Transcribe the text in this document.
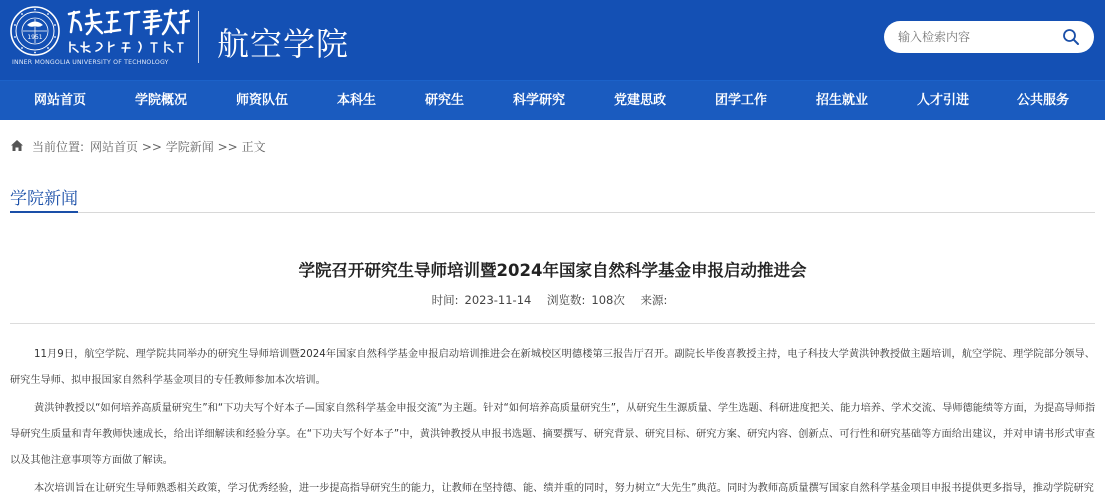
1951
INNER MONGOLIA UNIVERSITY OF TECHNOLOGY 航空学院
输入检索内容
网站首页	学院概况	师资队伍	本科生	研究生	科学研究	党建思政	团学工作	招生就业	人才引进	公共服务
当前位置: 网站首页 >> 学院新闻 >> 正文
学院新闻
学院召开研究生导师培训暨2024年国家自然科学基金申报启动推进会
时间: 2023-11-14 浏览数: 108次 来源:
11月9日，航空学院、理学院共同举办的研究生导师培训暨2024年国家自然科学基金申报启动培训推进会在新城校区明德楼第三报告厅召开。副院长毕俊喜教授主持，电子科技大学黄洪钟教授做主题培训，航空学院、理学院部分领导、研究生导师、拟申报国家自然科学基金项目的专任教师参加本次培训。
黄洪钟教授以“如何培养高质量研究生”和“下功夫写个好本子—国家自然科学基金申报交流”为主题。针对“如何培养高质量研究生”，从研究生生源质量、学生选题、科研进度把关、能力培养、学术交流、导师德能绩等方面，为提高导师指导研究生质量和青年教师快速成长，给出详细解读和经验分享。在“下功夫写个好本子”中，黄洪钟教授从申报书选题、摘要撰写、研究背景、研究目标、研究方案、研究内容、创新点、可行性和研究基础等方面给出建议，并对申请书形式审查以及其他注意事项等方面做了解读。
本次培训旨在让研究生导师熟悉相关政策，学习优秀经验，进一步提高指导研究生的能力，让教师在坚持德、能、绩并重的同时，努力树立“大先生”典范。同时为教师高质量撰写国家自然科学基金项目申报书提供更多指导，推动学院研究
